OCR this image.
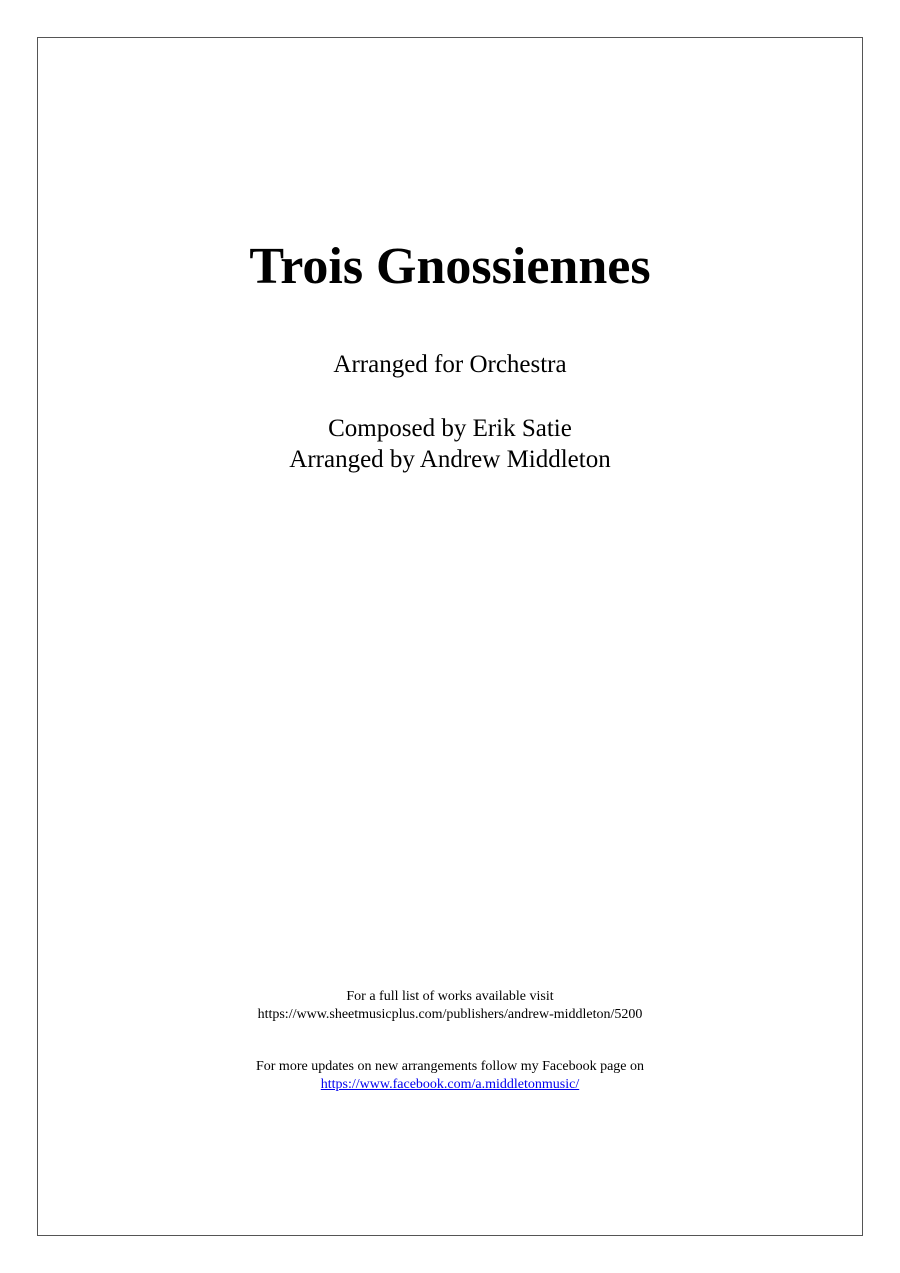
Trois Gnossiennes
Arranged for Orchestra
Composed by Erik Satie
Arranged by Andrew Middleton
For a full list of works available visit
https://www.sheetmusicplus.com/publishers/andrew-middleton/5200
For more updates on new arrangements follow my Facebook page on
https://www.facebook.com/a.middletonmusic/
